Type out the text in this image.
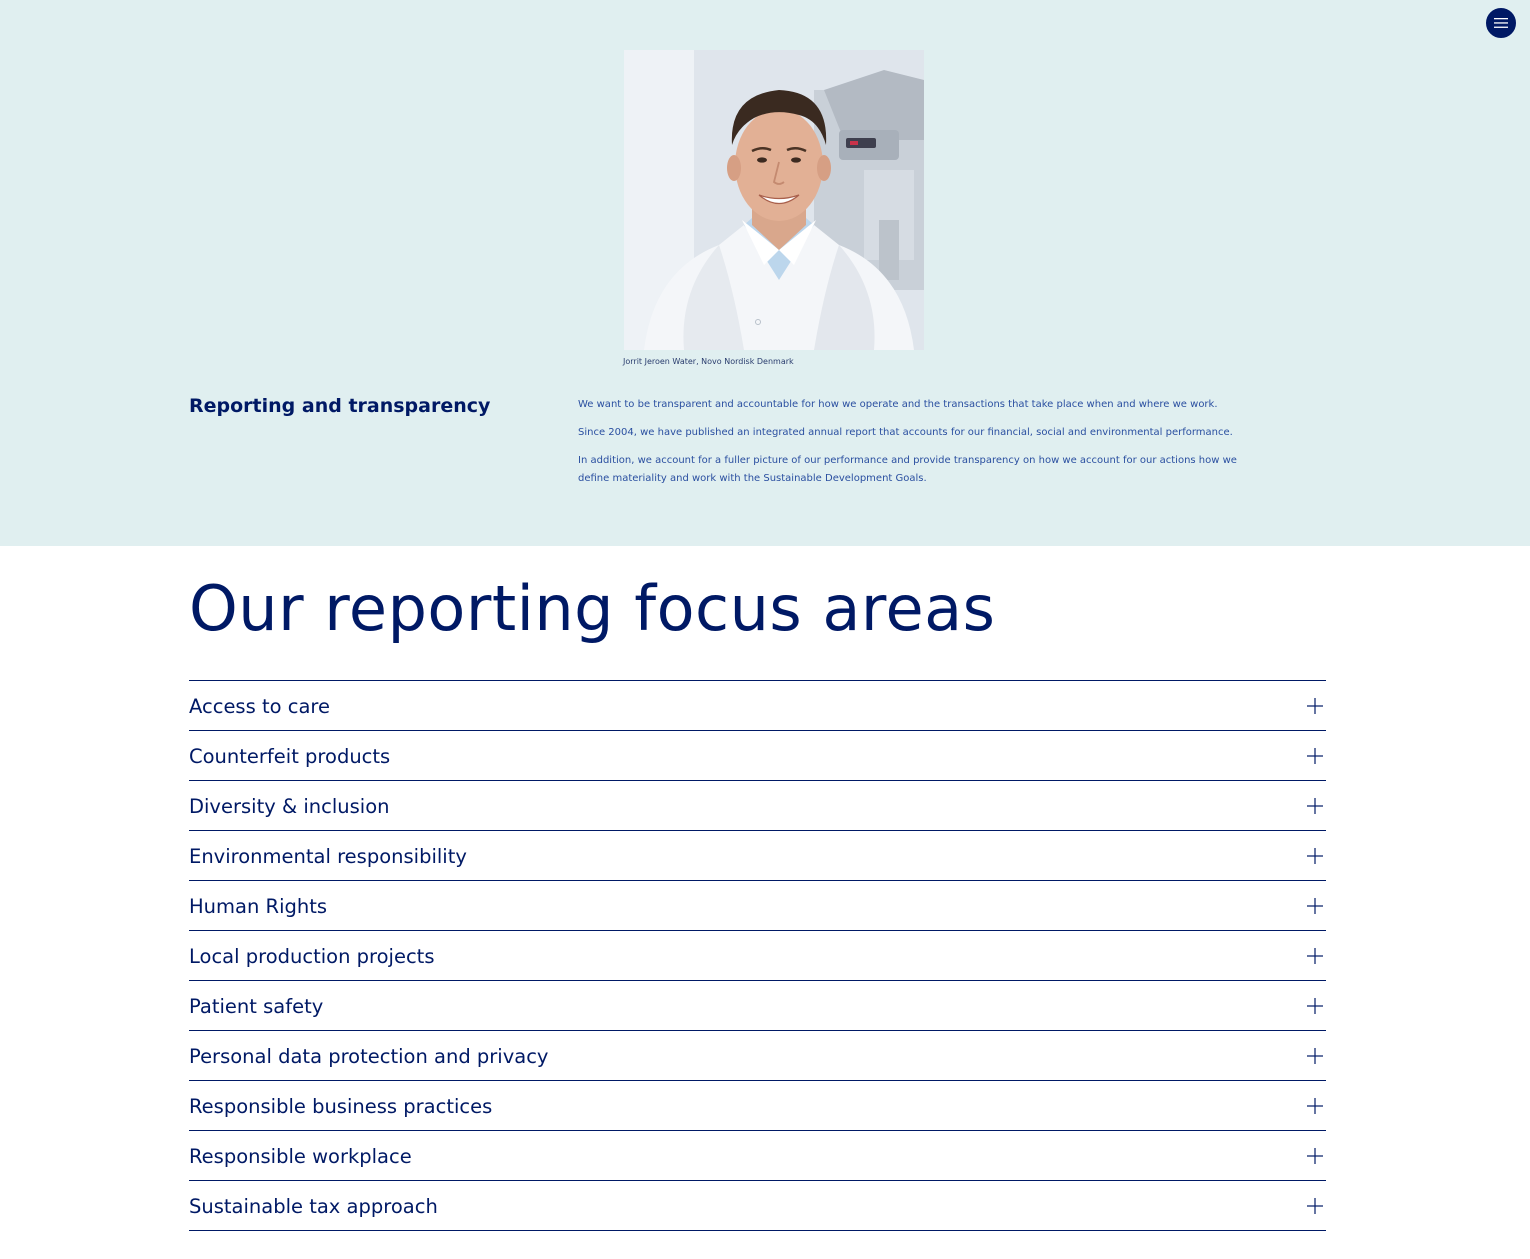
Jorrit Jeroen Water, Novo Nordisk Denmark
Reporting and transparency	We want to be transparent and accountable for how we operate and the transactions that take place when and where we work.

Since 2004, we have published an integrated annual report that accounts for our financial, social and environmental performance.

In addition, we account for a fuller picture of our performance and provide transparency on how we account for our actions how we define materiality and work with the Sustainable Development Goals.

Our reporting focus areas
Access to care
Counterfeit products
Diversity & inclusion
Environmental responsibility
Human Rights
Local production projects
Patient safety
Personal data protection and privacy
Responsible business practices
Responsible workplace
Sustainable tax approach
